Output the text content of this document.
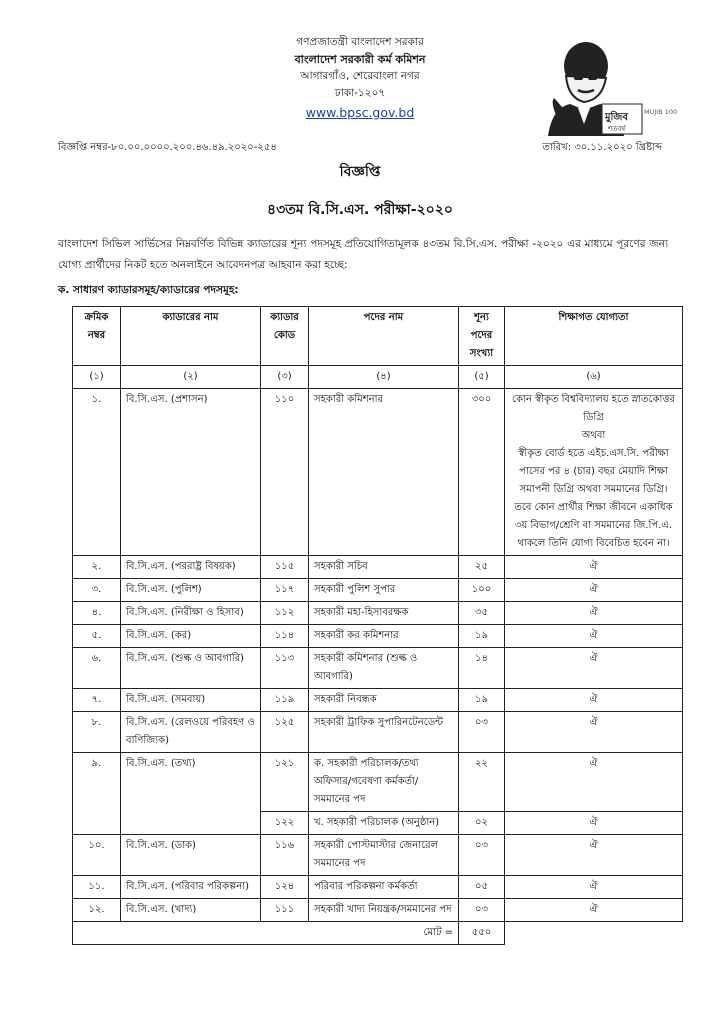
গণপ্রজাতন্ত্রী বাংলাদেশ সরকার
বাংলাদেশ সরকারী কর্ম কমিশন
আগারগাঁও, শেরেবাংলা নগর
ঢাকা-১২০৭
www.bpsc.gov.bd	মুজিব
শতবর্ষ
MUJIB 100
বিজ্ঞপ্তি নম্বর-৮০.০০.০০০০.২০০.৪৬.৪৯.২০২০-২৫৪	তারিখ: ৩০.১১.২০২০ খ্রিষ্টাব্দ
বিজ্ঞপ্তি
৪৩তম বি.সি.এস. পরীক্ষা-২০২০
বাংলাদেশ সিভিল সার্ভিসের নিম্নবর্ণিত বিভিন্ন ক্যাডারের শূন্য পদসমূহ প্রতিযোগিতামূলক ৪৩তম বি.সি.এস. পরীক্ষা -২০২০ এর মাধ্যমে পূরণের জন্য যোগ্য প্রার্থীদের নিকট হতে অনলাইনে আবেদনপত্র আহবান করা হচ্ছে:
ক. সাধারণ ক্যাডারসমূহ/ক্যাডারের পদসমূহ:
ক্রমিক নম্বর	ক্যাডারের নাম	ক্যাডার কোড	পদের নাম	শূন্য পদের সংখ্যা	শিক্ষাগত যোগ্যতা
(১)	(২)	(৩)	(৪)	(৫)	(৬)
১.	বি.সি.এস. (প্রশাসন)	১১০	সহকারী কমিশনার	৩০০	কোন স্বীকৃত বিশ্ববিদ্যালয় হতে স্নাতকোত্তর ডিগ্রি
অথবা
স্বীকৃত বোর্ড হতে এইচ.এস.সি. পরীক্ষা পাসের পর ৪ (চার) বছর মেয়াদি শিক্ষা সমাপনী ডিগ্রি অথবা সমমানের ডিগ্রি। তবে কোন প্রার্থীর শিক্ষা জীবনে একাধিক ৩য় বিভাগ/শ্রেণি বা সমমানের জি.পি.এ. থাকলে তিনি যোগ্য বিবেচিত হবেন না।
২.	বি.সি.এস. (পররাষ্ট্র বিষয়ক)	১১৫	সহকারী সচিব	২৫	ঐ
৩.	বি.সি.এস. (পুলিশ)	১১৭	সহকারী পুলিশ সুপার	১০০	ঐ
৪.	বি.সি.এস. (নিরীক্ষা ও হিসাব)	১১২	সহকারী মহা-হিসাবরক্ষক	৩৫	ঐ
৫.	বি.সি.এস. (কর)	১১৪	সহকারী কর কমিশনার	১৯	ঐ
৬.	বি.সি.এস. (শুল্ক ও আবগারি)	১১৩	সহকারী কমিশনার (শুল্ক ও আবগারি)	১৪	ঐ
৭.	বি.সি.এস. (সমবায়)	১১৯	সহকারী নিবন্ধক	১৯	ঐ
৮.	বি.সি.এস. (রেলওয়ে পরিবহণ ও বাণিজ্যিক)	১২৫	সহকারী ট্রাফিক সুপারিনটেনডেন্ট	০৩	ঐ
৯.	বি.সি.এস. (তথ্য)	১২১	ক. সহকারী পরিচালক/তথ্য অফিসার/গবেষণা কর্মকর্তা/সমমানের পদ	২২	ঐ
		১২২	খ. সহকারী পরিচালক (অনুষ্ঠান)	০২	ঐ
১০.	বি.সি.এস. (ডাক)	১১৬	সহকারী পোস্টমাস্টার জেনারেল সমমানের পদ	০৩	ঐ
১১.	বি.সি.এস. (পরিবার পরিকল্পনা)	১২৪	পরিবার পরিকল্পনা কর্মকর্তা	০৫	ঐ
১২.	বি.সি.এস. (খাদ্য)	১১১	সহকারী খাদ্য নিয়ন্ত্রক/সমমানের পদ	০৩	ঐ
মোট =				৫৫০	
